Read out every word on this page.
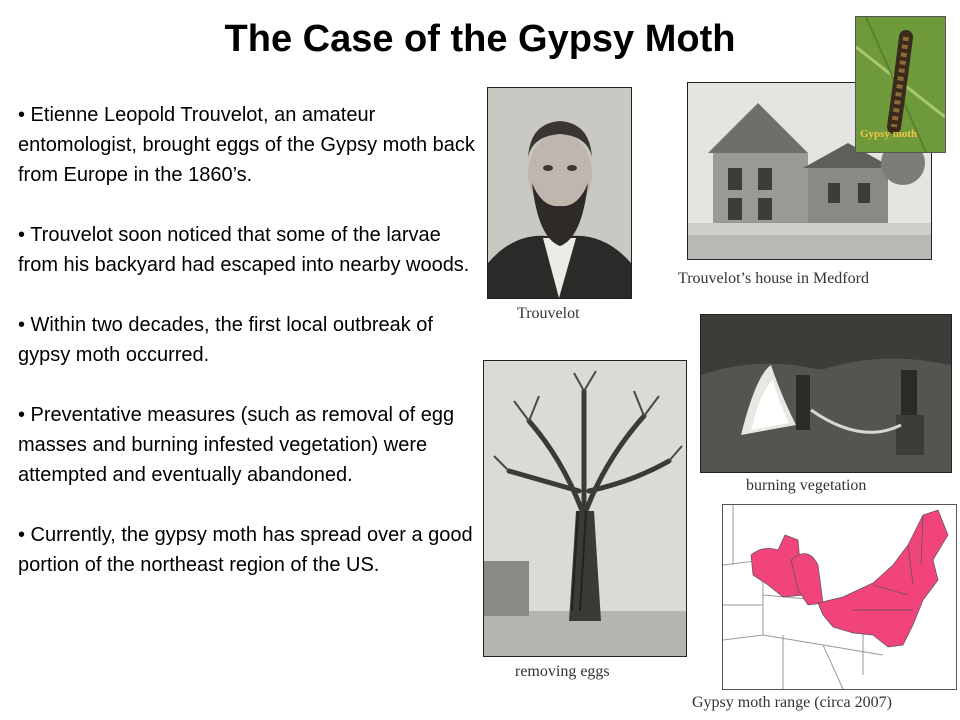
The Case of the Gypsy Moth

• Etienne Leopold Trouvelot, an amateur entomologist, brought eggs of the Gypsy moth back from Europe in the 1860’s.

• Trouvelot soon noticed that some of the larvae from his backyard had escaped into nearby woods.

• Within two decades, the first local outbreak of gypsy moth occurred.

• Preventative measures (such as removal of egg masses and burning infested vegetation) were attempted and eventually abandoned.

• Currently, the gypsy moth has spread over a good portion of the northeast region of the US.

Trouvelot
Trouvelot’s house in Medford
Gypsy moth
burning vegetation
removing eggs
Gypsy moth range (circa 2007)
